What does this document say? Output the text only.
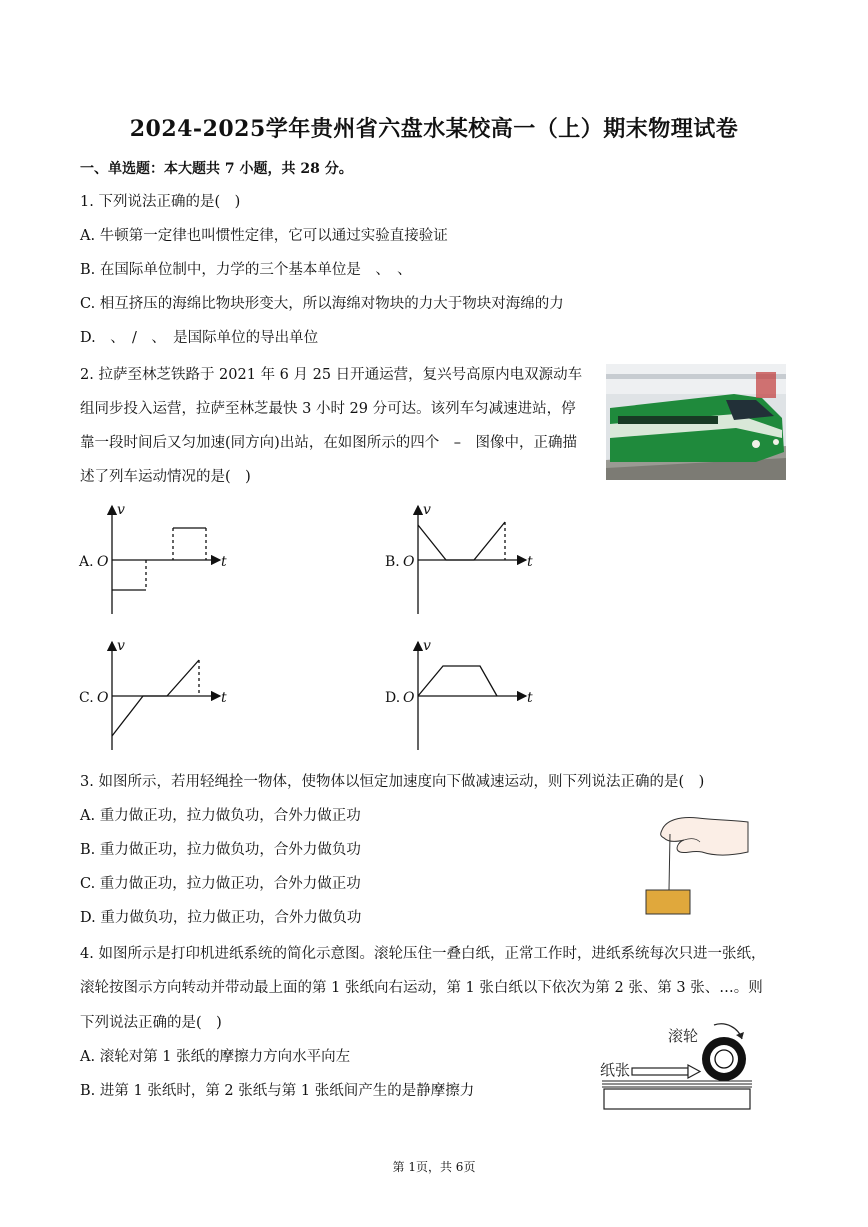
2024-2025学年贵州省六盘水某校高一（上）期末物理试卷
一、单选题：本大题共 7 小题，共 28 分。
1. 下列说法正确的是(　)
A. 牛顿第一定律也叫惯性定律，它可以通过实验直接验证
B. 在国际单位制中，力学的三个基本单位是　、　、
C. 相互挤压的海绵比物块形变大，所以海绵对物块的力大于物块对海绵的力
D.　、　/　、　是国际单位的导出单位
2. 拉萨至林芝铁路于 2021 年 6 月 25 日开通运营，复兴号高原内电双源动车
组同步投入运营，拉萨至林芝最快 3 小时 29 分可达。该列车匀减速进站，停
靠一段时间后又匀加速(同方向)出站，在如图所示的四个　–　图像中，正确描
述了列车运动情况的是(　)
A. O
v
t	B. O
v
t
C. O
v
t	D. O
v
t
3. 如图所示，若用轻绳拴一物体，使物体以恒定加速度向下做减速运动，则下列说法正确的是(　)
A. 重力做正功，拉力做负功，合外力做正功
B. 重力做正功，拉力做负功，合外力做负功
C. 重力做正功，拉力做正功，合外力做正功
D. 重力做负功，拉力做正功，合外力做负功
4. 如图所示是打印机进纸系统的简化示意图。滚轮压住一叠白纸，正常工作时，进纸系统每次只进一张纸，
滚轮按图示方向转动并带动最上面的第 1 张纸向右运动，第 1 张白纸以下依次为第 2 张、第 3 张、…。则
下列说法正确的是(　)
A. 滚轮对第 1 张纸的摩擦力方向水平向左
B. 进第 1 张纸时，第 2 张纸与第 1 张纸间产生的是静摩擦力
滚轮
纸张
第 1页，共 6页
